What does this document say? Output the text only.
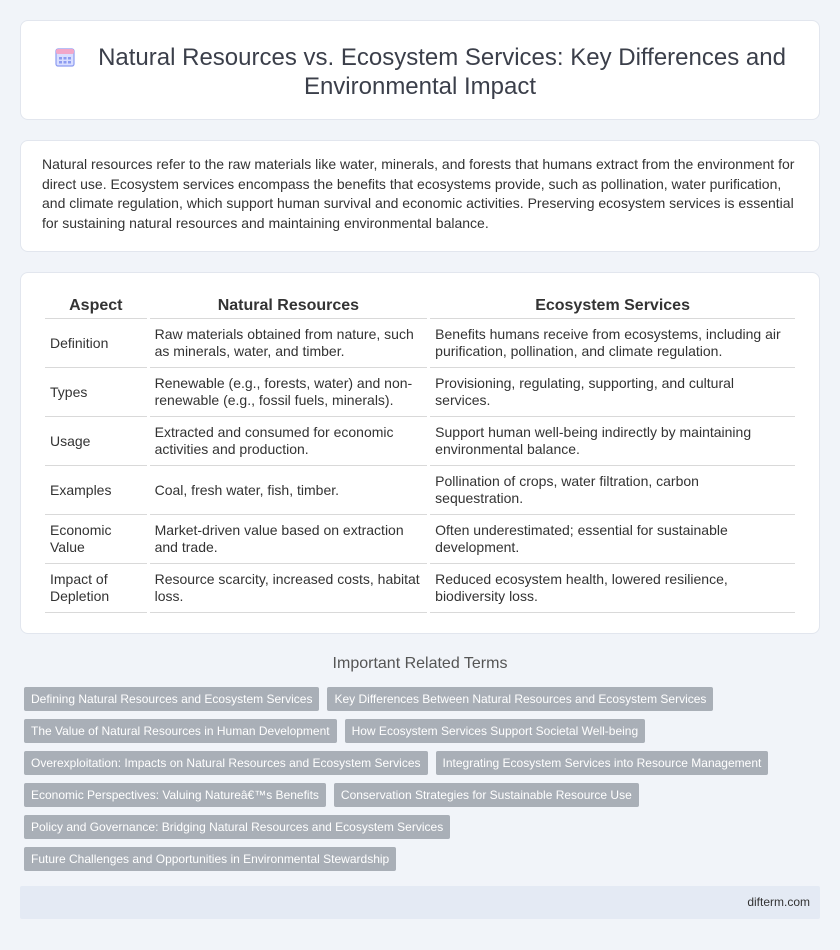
Natural Resources vs. Ecosystem Services: Key Differences and
Environmental Impact

Natural resources refer to the raw materials like water, minerals, and forests that humans extract from the environment for direct use. Ecosystem services encompass the benefits that ecosystems provide, such as pollination, water purification, and climate regulation, which support human survival and economic activities. Preserving ecosystem services is essential for sustaining natural resources and maintaining environmental balance.

Aspect	Natural Resources	Ecosystem Services
Definition	Raw materials obtained from nature, such as minerals, water, and timber.	Benefits humans receive from ecosystems, including air purification, pollination, and climate regulation.
Types	Renewable (e.g., forests, water) and non-renewable (e.g., fossil fuels, minerals).	Provisioning, regulating, supporting, and cultural services.
Usage	Extracted and consumed for economic activities and production.	Support human well-being indirectly by maintaining environmental balance.
Examples	Coal, fresh water, fish, timber.	Pollination of crops, water filtration, carbon sequestration.
Economic Value	Market-driven value based on extraction and trade.	Often underestimated; essential for sustainable development.
Impact of Depletion	Resource scarcity, increased costs, habitat loss.	Reduced ecosystem health, lowered resilience, biodiversity loss.
Important Related Terms
Defining Natural Resources and Ecosystem Services	Key Differences Between Natural Resources and Ecosystem Services
The Value of Natural Resources in Human Development	How Ecosystem Services Support Societal Well-being
Overexploitation: Impacts on Natural Resources and Ecosystem Services	Integrating Ecosystem Services into Resource Management
Economic Perspectives: Valuing Natureâ€™s Benefits	Conservation Strategies for Sustainable Resource Use
Policy and Governance: Bridging Natural Resources and Ecosystem Services
Future Challenges and Opportunities in Environmental Stewardship
difterm.com
